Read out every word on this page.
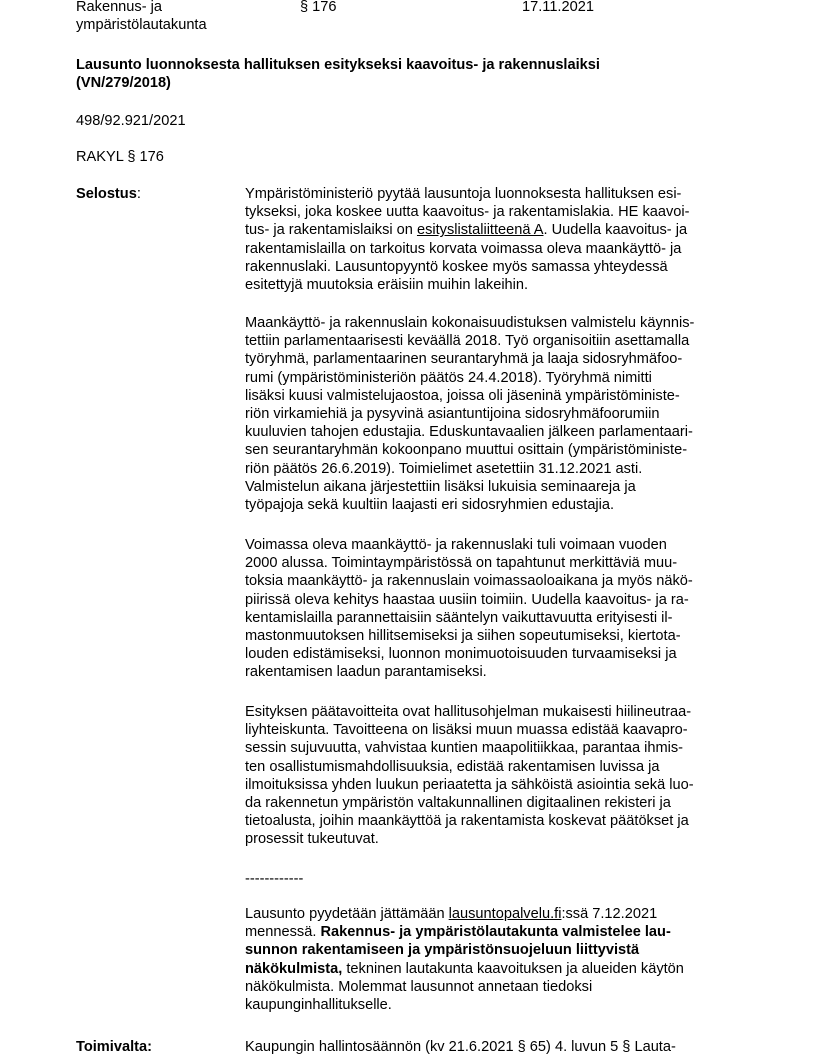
Rakennus- ja
ympäristölautakunta
§ 176	17.11.2021
Lausunto luonnoksesta hallituksen esitykseksi kaavoitus- ja rakennuslaiksi
(VN/279/2018)
498/92.921/2021
RAKYL § 176
Selostus:	Ympäristöministeriö pyytää lausuntoja luonnoksesta hallituksen esi-
tykseksi, joka koskee uutta kaavoitus- ja rakentamislakia. HE kaavoi-
tus- ja rakentamislaiksi on esityslistaliitteenä A. Uudella kaavoitus- ja
rakentamislailla on tarkoitus korvata voimassa oleva maankäyttö- ja
rakennuslaki. Lausuntopyyntö koskee myös samassa yhteydessä
esitettyjä muutoksia eräisiin muihin lakeihin.
Maankäyttö- ja rakennuslain kokonaisuudistuksen valmistelu käynnis-
tettiin parlamentaarisesti keväällä 2018. Työ organisoitiin asettamalla
työryhmä, parlamentaarinen seurantaryhmä ja laaja sidosryhmäfoo-
rumi (ympäristöministeriön päätös 24.4.2018). Työryhmä nimitti
lisäksi kuusi valmistelujaostoa, joissa oli jäseninä ympäristöministe-
riön virkamiehiä ja pysyvinä asiantuntijoina sidosryhmäfoorumiin
kuuluvien tahojen edustajia. Eduskuntavaalien jälkeen parlamentaari-
sen seurantaryhmän kokoonpano muuttui osittain (ympäristöministe-
riön päätös 26.6.2019). Toimielimet asetettiin 31.12.2021 asti.
Valmistelun aikana järjestettiin lisäksi lukuisia seminaareja ja
työpajoja sekä kuultiin laajasti eri sidosryhmien edustajia.
Voimassa oleva maankäyttö- ja rakennuslaki tuli voimaan vuoden
2000 alussa. Toimintaympäristössä on tapahtunut merkittäviä muu-
toksia maankäyttö- ja rakennuslain voimassaoloaikana ja myös näkö-
piirissä oleva kehitys haastaa uusiin toimiin. Uudella kaavoitus- ja ra-
kentamislailla parannettaisiin sääntelyn vaikuttavuutta erityisesti il-
mastonmuutoksen hillitsemiseksi ja siihen sopeutumiseksi, kiertota-
louden edistämiseksi, luonnon monimuotoisuuden turvaamiseksi ja
rakentamisen laadun parantamiseksi.
Esityksen päätavoitteita ovat hallitusohjelman mukaisesti hiilineutraa-
liyhteiskunta. Tavoitteena on lisäksi muun muassa edistää kaavapro-
sessin sujuvuutta, vahvistaa kuntien maapolitiikkaa, parantaa ihmis-
ten osallistumismahdollisuuksia, edistää rakentamisen luvissa ja
ilmoituksissa yhden luukun periaatetta ja sähköistä asiointia sekä luo-
da rakennetun ympäristön valtakunnallinen digitaalinen rekisteri ja
tietoalusta, joihin maankäyttöä ja rakentamista koskevat päätökset ja
prosessit tukeutuvat.
------------
Lausunto pyydetään jättämään lausuntopalvelu.fi:ssä 7.12.2021
mennessä. Rakennus- ja ympäristölautakunta valmistelee lau-
sunnon rakentamiseen ja ympäristönsuojeluun liittyvistä
näkökulmista, tekninen lautakunta kaavoituksen ja alueiden käytön
näkökulmista. Molemmat lausunnot annetaan tiedoksi
kaupunginhallitukselle.
Toimivalta:	Kaupungin hallintosäännön (kv 21.6.2021 § 65) 4. luvun 5 § Lauta-
